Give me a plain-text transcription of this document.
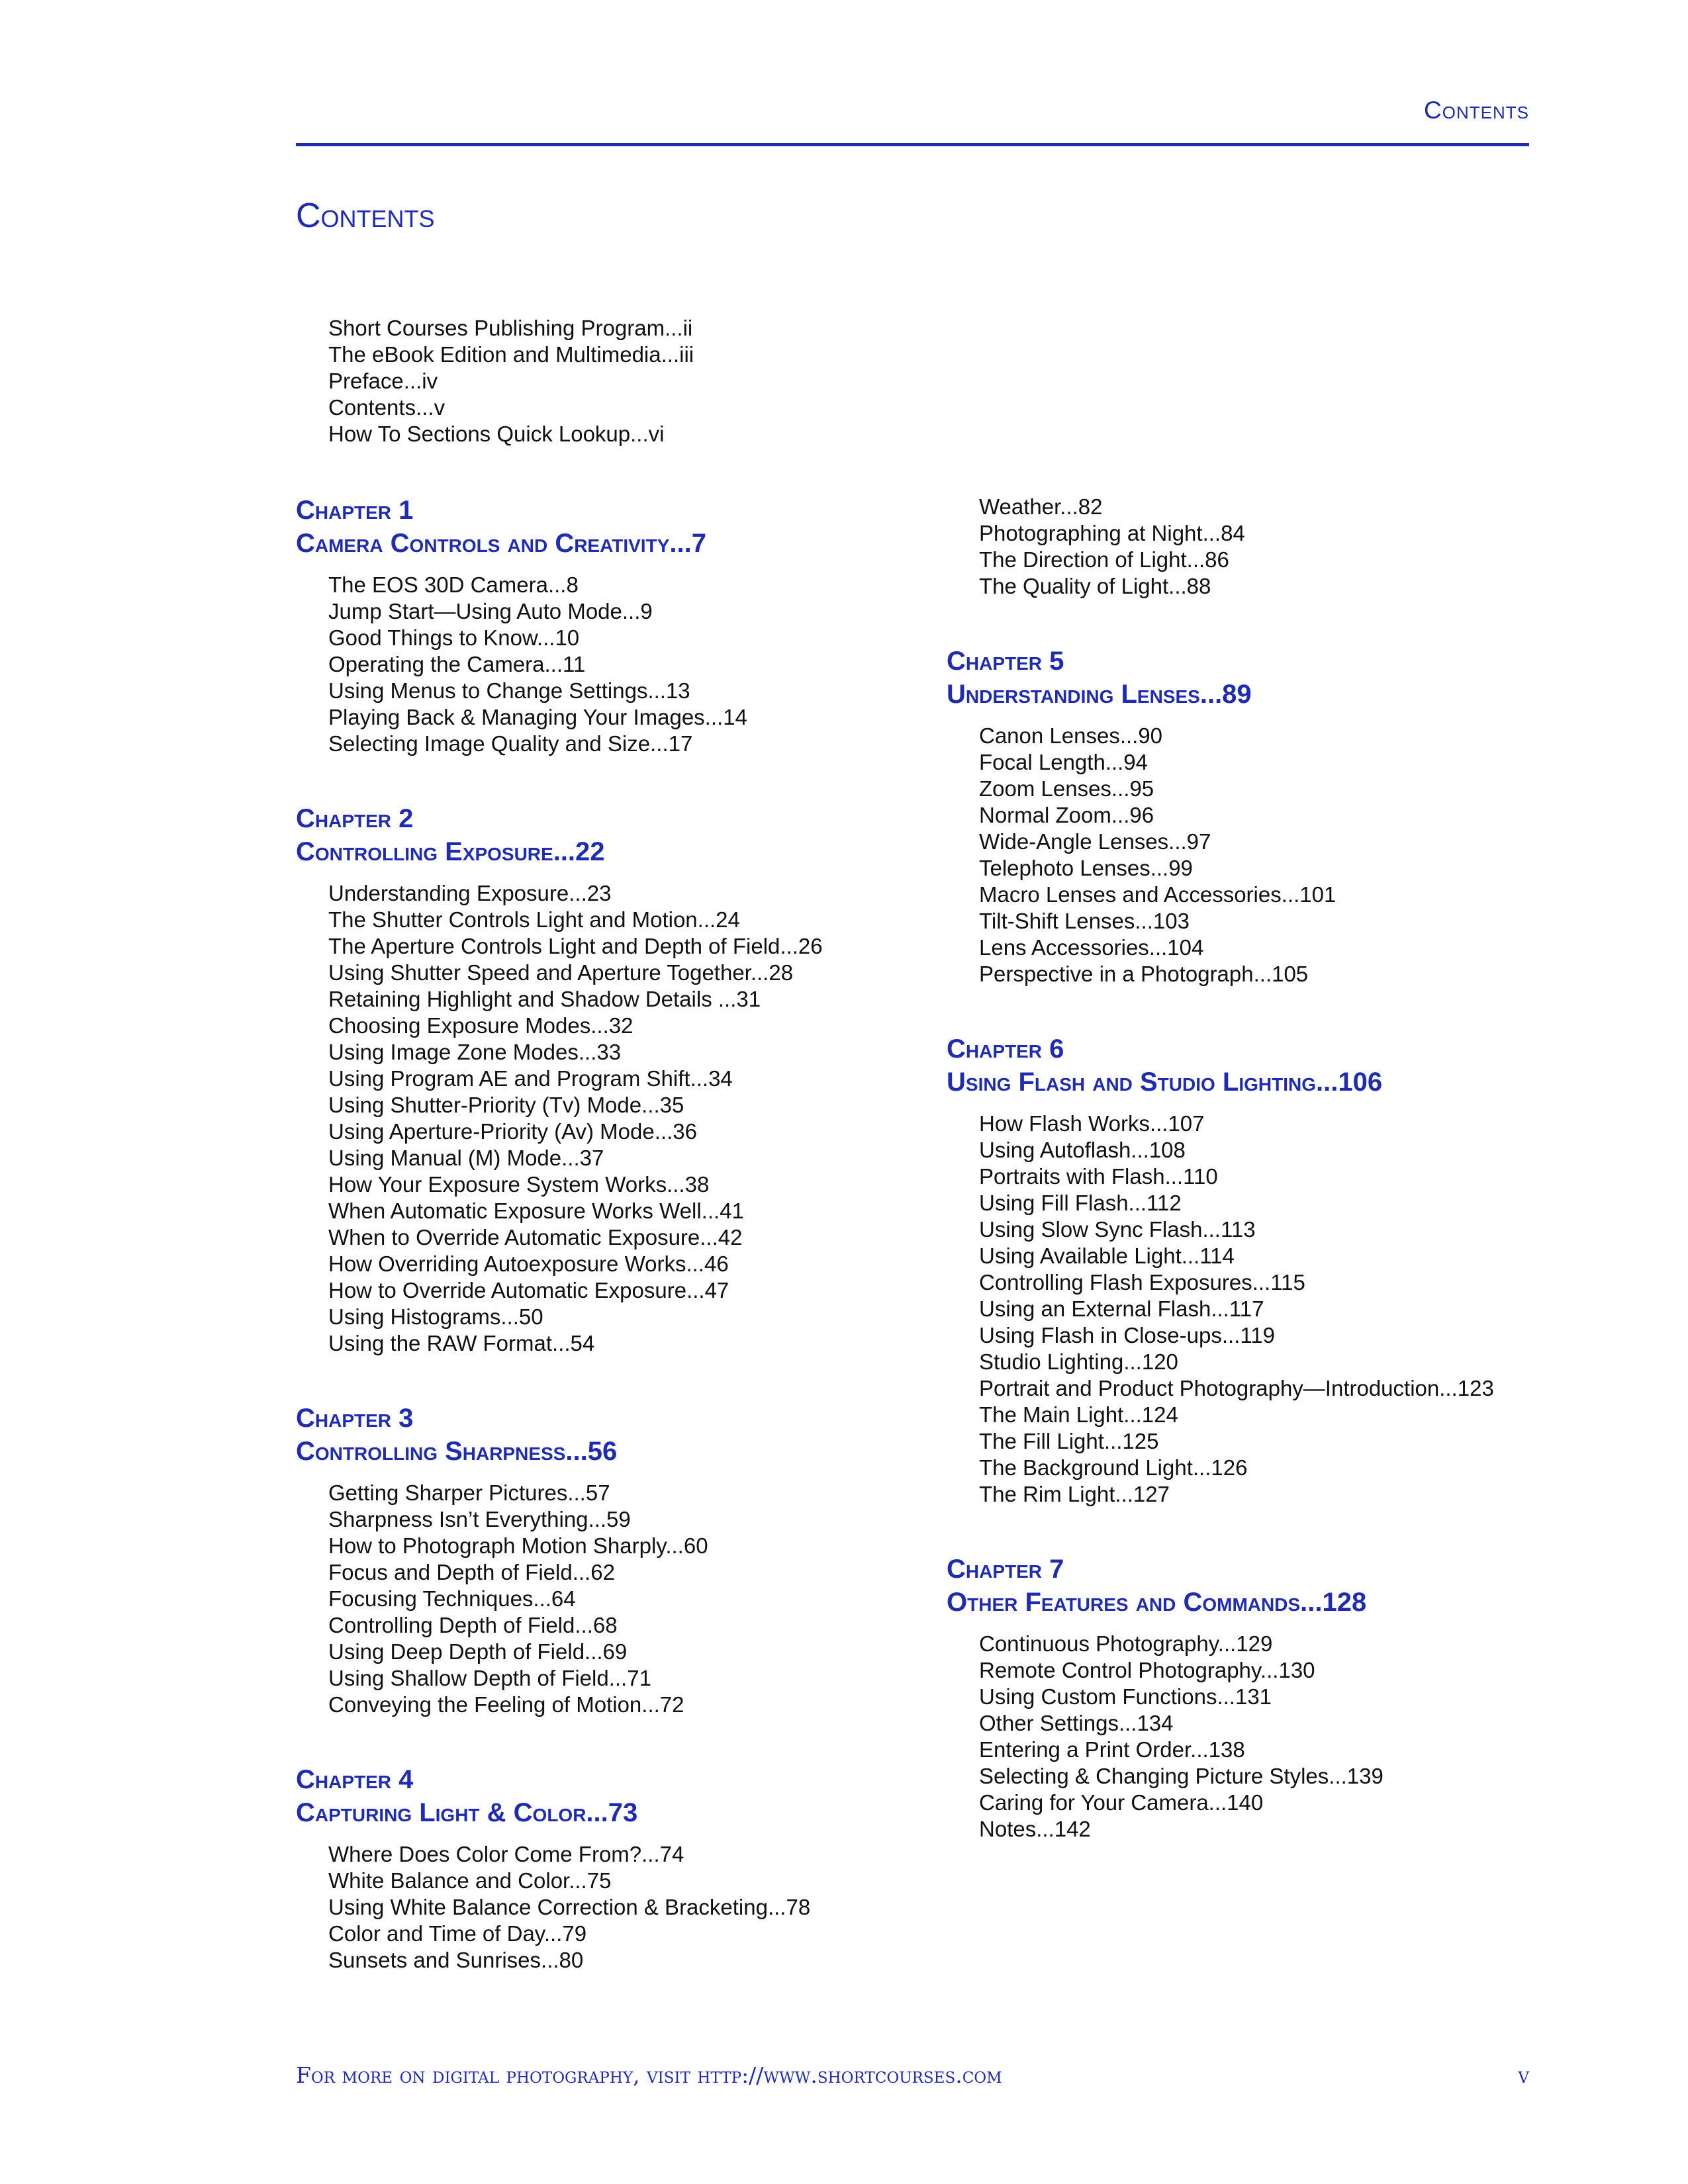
Contents
Contents
Short Courses Publishing Program...ii
The eBook Edition and Multimedia...iii
Preface...iv
Contents...v
How To Sections Quick Lookup...vi
Chapter 1
Camera Controls and Creativity...7
The EOS 30D Camera...8
Jump Start—Using Auto Mode...9
Good Things to Know...10
Operating the Camera...11
Using Menus to Change Settings...13
Playing Back & Managing Your Images...14
Selecting Image Quality and Size...17
Chapter 2
Controlling Exposure...22
Understanding Exposure...23
The Shutter Controls Light and Motion...24
The Aperture Controls Light and Depth of Field...26
Using Shutter Speed and Aperture Together...28
Retaining Highlight and Shadow Details ...31
Choosing Exposure Modes...32
Using Image Zone Modes...33
Using Program AE and Program Shift...34
Using Shutter-Priority (Tv) Mode...35
Using Aperture-Priority (Av) Mode...36
Using Manual (M) Mode...37
How Your Exposure System Works...38
When Automatic Exposure Works Well...41
When to Override Automatic Exposure...42
How Overriding Autoexposure Works...46
How to Override Automatic Exposure...47
Using Histograms...50
Using the RAW Format...54
Chapter 3
Controlling Sharpness...56
Getting Sharper Pictures...57
Sharpness Isn’t Everything...59
How to Photograph Motion Sharply...60
Focus and Depth of Field...62
Focusing Techniques...64
Controlling Depth of Field...68
Using Deep Depth of Field...69
Using Shallow Depth of Field...71
Conveying the Feeling of Motion...72
Chapter 4
Capturing Light & Color...73
Where Does Color Come From?...74
White Balance and Color...75
Using White Balance Correction & Bracketing...78
Color and Time of Day...79
Sunsets and Sunrises...80
Weather...82
Photographing at Night...84
The Direction of Light...86
The Quality of Light...88
Chapter 5
Understanding Lenses...89
Canon Lenses...90
Focal Length...94
Zoom Lenses...95
Normal Zoom...96
Wide-Angle Lenses...97
Telephoto Lenses...99
Macro Lenses and Accessories...101
Tilt-Shift Lenses...103
Lens Accessories...104
Perspective in a Photograph...105
Chapter 6
Using Flash and Studio Lighting...106
How Flash Works...107
Using Autoflash...108
Portraits with Flash...110
Using Fill Flash...112
Using Slow Sync Flash...113
Using Available Light...114
Controlling Flash Exposures...115
Using an External Flash...117
Using Flash in Close-ups...119
Studio Lighting...120
Portrait and Product Photography—Introduction...123
The Main Light...124
The Fill Light...125
The Background Light...126
The Rim Light...127
Chapter 7
Other Features and Commands...128
Continuous Photography...129
Remote Control Photography...130
Using Custom Functions...131
Other Settings...134
Entering a Print Order...138
Selecting & Changing Picture Styles...139
Caring for Your Camera...140
Notes...142
For more on digital photography, visit http://www.shortcourses.com	v
